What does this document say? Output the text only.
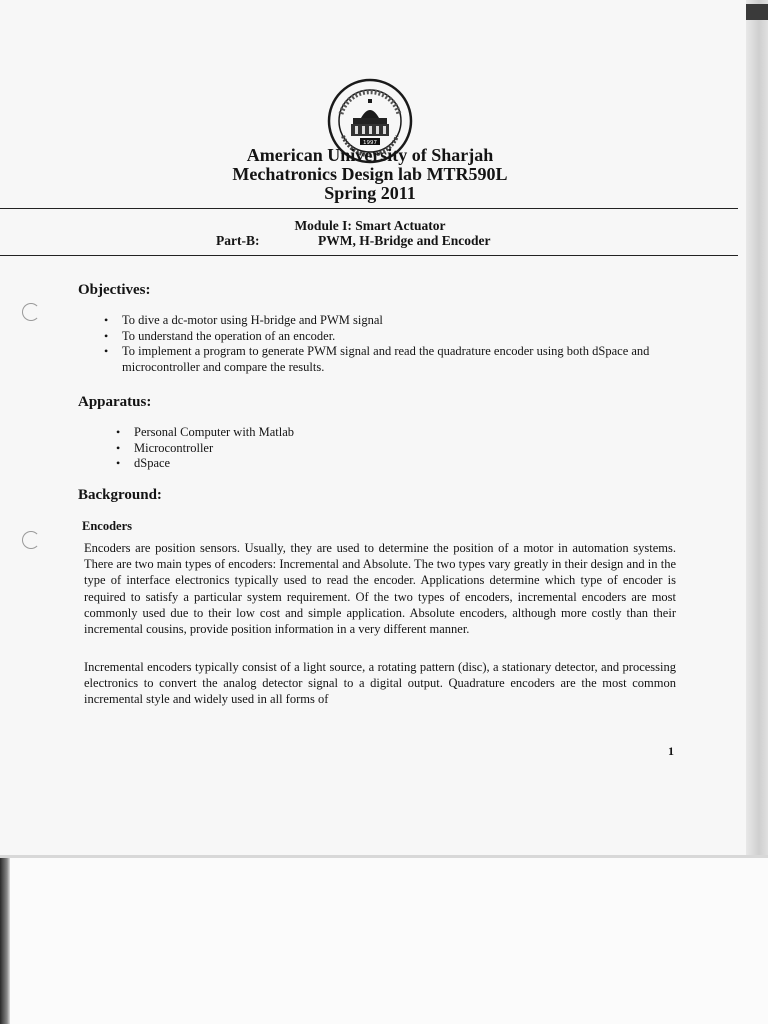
1997
American University of Sharjah
Mechatronics Design lab MTR590L
Spring 2011
Module I: Smart Actuator
Part-B:	PWM, H-Bridge and Encoder
Objectives:
• To dive a dc-motor using H-bridge and PWM signal
• To understand the operation of an encoder.
• To implement a program to generate PWM signal and read the quadrature encoder using both dSpace and microcontroller and compare the results.
Apparatus:
• Personal Computer with Matlab
• Microcontroller
• dSpace
Background:
Encoders
Encoders are position sensors. Usually, they are used to determine the position of a motor in automation systems. There are two main types of encoders: Incremental and Absolute. The two types vary greatly in their design and in the type of interface electronics typically used to read the encoder. Applications determine which type of encoder is required to satisfy a particular system requirement. Of the two types of encoders, incremental encoders are most commonly used due to their low cost and simple application. Absolute encoders, although more costly than their incremental cousins, provide position information in a very different manner.
Incremental encoders typically consist of a light source, a rotating pattern (disc), a stationary detector, and processing electronics to convert the analog detector signal to a digital output. Quadrature encoders are the most common incremental style and widely used in all forms of
1
